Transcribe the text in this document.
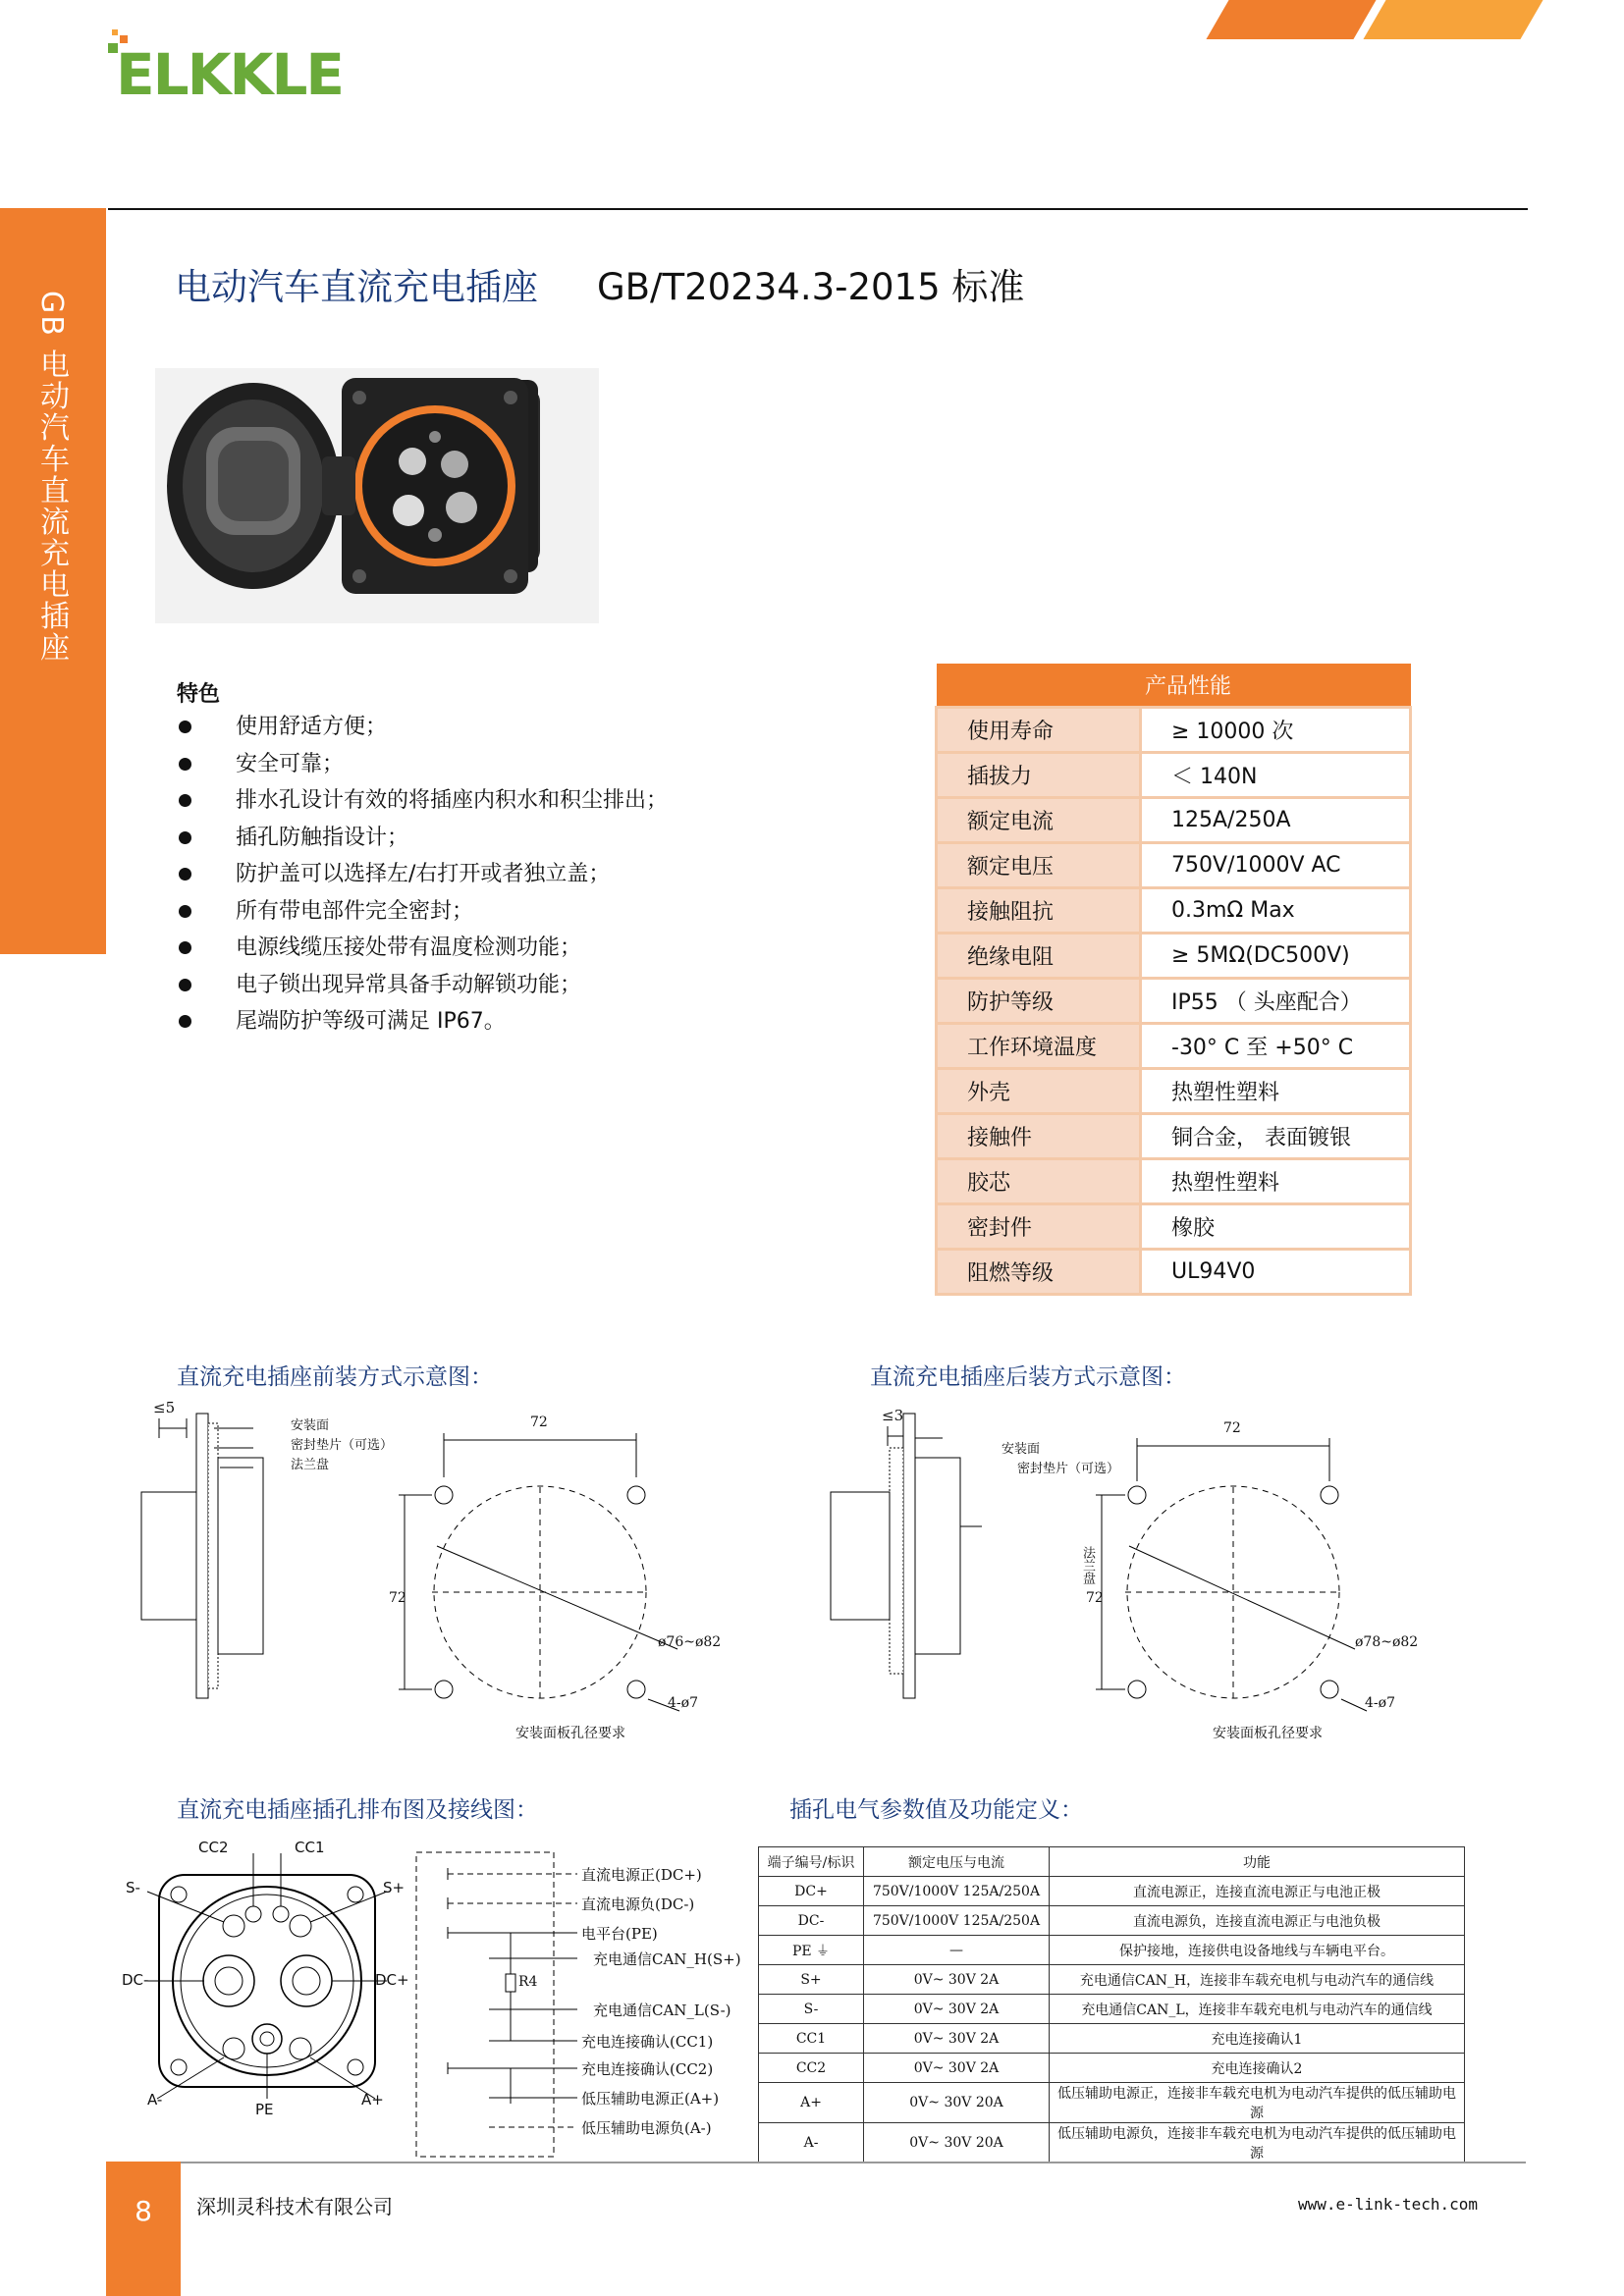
ELKKLE
GB 电动汽车直流充电插座
电动汽车直流充电插座 GB/T20234.3-2015 标准
特色
使用舒适方便；
安全可靠；
排水孔设计有效的将插座内积水和积尘排出；
插孔防触指设计；
防护盖可以选择左/右打开或者独立盖；
所有带电部件完全密封；
电源线缆压接处带有温度检测功能；
电子锁出现异常具备手动解锁功能；
尾端防护等级可满足 IP67。
产品性能	
使用寿命	≥ 10000 次
插拔力	＜ 140N
额定电流	125A/250A
额定电压	750V/1000V AC
接触阻抗	0.3mΩ Max
绝缘电阻	≥ 5MΩ(DC500V)
防护等级	IP55 （ 头座配合）
工作环境温度	-30° C 至 +50° C
外壳	热塑性塑料
接触件	铜合金， 表面镀银
胶芯	热塑性塑料
密封件	橡胶
阻燃等级	UL94V0
直流充电插座前装方式示意图：	直流充电插座后装方式示意图：
直流充电插座插孔排布图及接线图：	插孔电气参数值及功能定义：
≤5
安装面
密封垫片（可选）
法兰盘
72
72
ø76~ø82
4-ø7
安装面板孔径要求
≤3
安装面
密封垫片（可选）
法兰盘
72
72
ø78~ø82
4-ø7
安装面板孔径要求
CC2	CC1
S-	S+
DC-	DC+
A-	A+
PE
直流电源正(DC+)
直流电源负(DC-)
电平台(PE)
充电通信CAN_H(S+)
充电通信CAN_L(S-)
充电连接确认(CC1)
充电连接确认(CC2)
低压辅助电源正(A+)
低压辅助电源负(A-)
R4
端子编号/标识	额定电压与电流	功能
DC+	750V/1000V 125A/250A	直流电源正，连接直流电源正与电池正极
DC-	750V/1000V 125A/250A	直流电源负，连接直流电源正与电池负极
PE ⏚	—	保护接地，连接供电设备地线与车辆电平台。
S+	0V~ 30V 2A	充电通信CAN_H，连接非车载充电机与电动汽车的通信线
S-	0V~ 30V 2A	充电通信CAN_L，连接非车载充电机与电动汽车的通信线
CC1	0V~ 30V 2A	充电连接确认1
CC2	0V~ 30V 2A	充电连接确认2
A+	0V~ 30V 20A	低压辅助电源正，连接非车载充电机为电动汽车提供的低压辅助电源
A-	0V~ 30V 20A	低压辅助电源负，连接非车载充电机为电动汽车提供的低压辅助电源
8	深圳灵科技术有限公司	www.e-link-tech.com
